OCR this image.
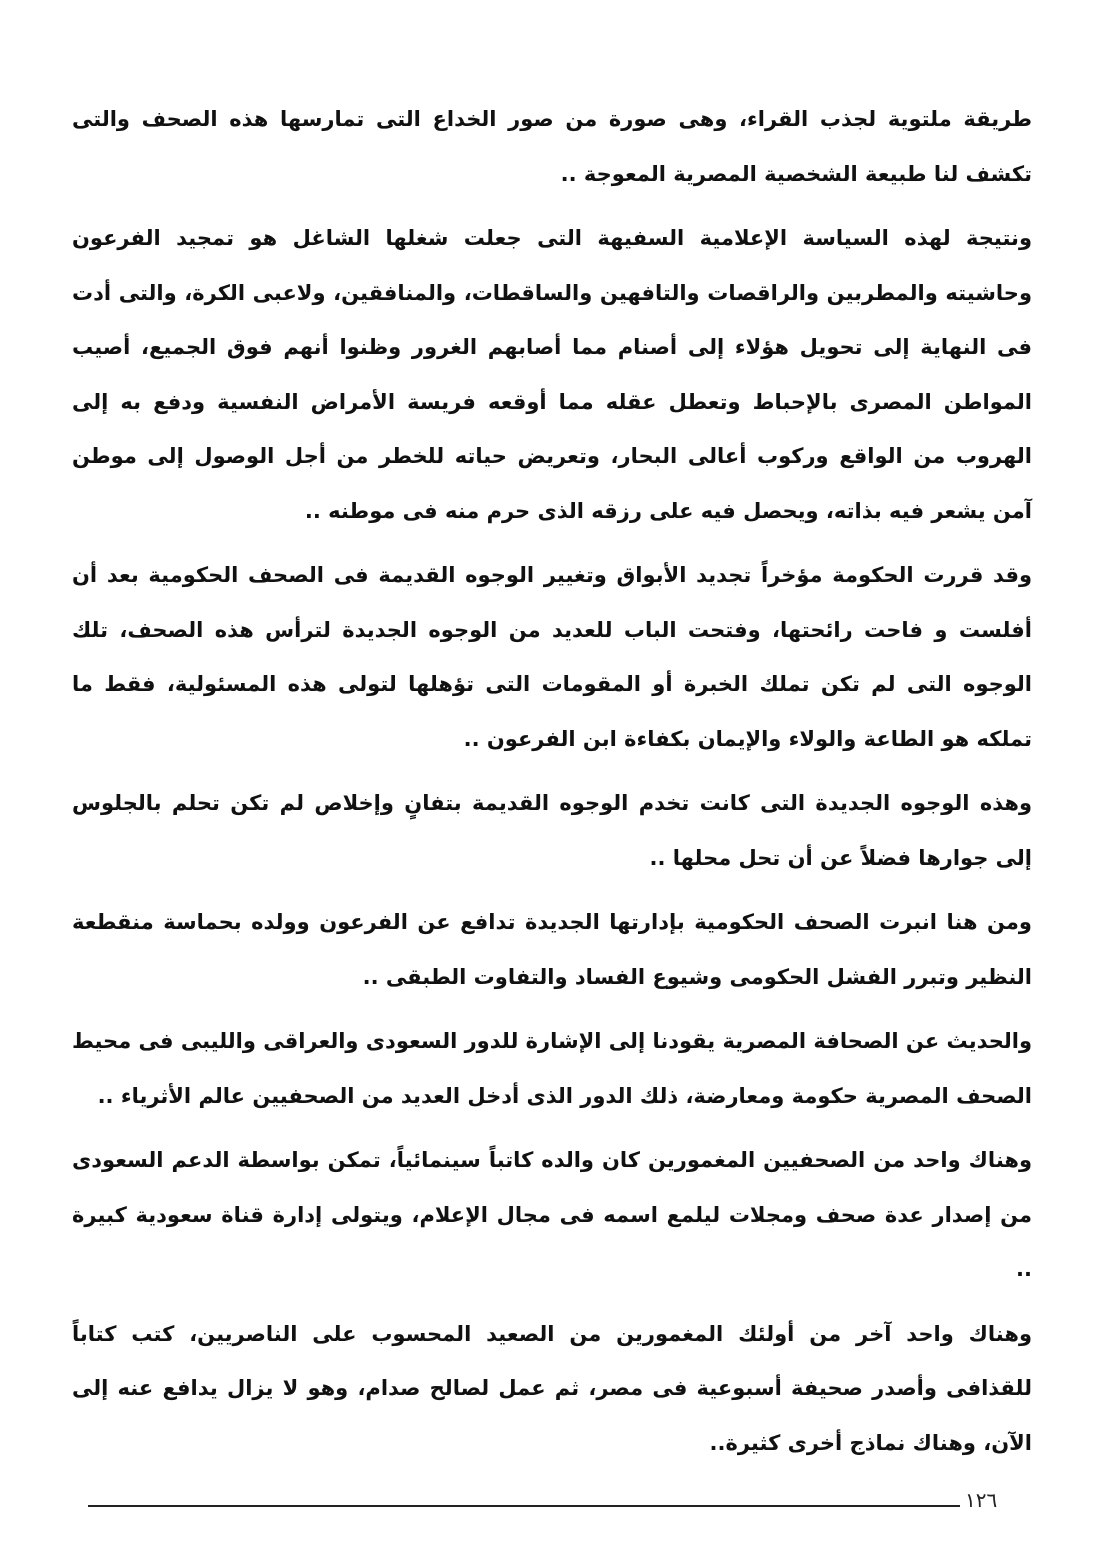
طريقة ملتوية لجذب القراء، وهى صورة من صور الخداع التى تمارسها هذه الصحف والتى تكشف لنا طبيعة الشخصية المصرية المعوجة ..

ونتيجة لهذه السياسة الإعلامية السفيهة التى جعلت شغلها الشاغل هو تمجيد الفرعون وحاشيته والمطربين والراقصات والتافهين والساقطات، والمنافقين، ولاعبى الكرة، والتى أدت فى النهاية إلى تحويل هؤلاء إلى أصنام مما أصابهم الغرور وظنوا أنهم فوق الجميع، أصيب المواطن المصرى بالإحباط وتعطل عقله مما أوقعه فريسة الأمراض النفسية ودفع به إلى الهروب من الواقع وركوب أعالى البحار، وتعريض حياته للخطر من أجل الوصول إلى موطن آمن يشعر فيه بذاته، ويحصل فيه على رزقه الذى حرم منه فى موطنه ..

وقد قررت الحكومة مؤخراً تجديد الأبواق وتغيير الوجوه القديمة فى الصحف الحكومية بعد أن أفلست و فاحت رائحتها، وفتحت الباب للعديد من الوجوه الجديدة لترأس هذه الصحف، تلك الوجوه التى لم تكن تملك الخبرة أو المقومات التى تؤهلها لتولى هذه المسئولية، فقط ما تملكه هو الطاعة والولاء والإيمان بكفاءة ابن الفرعون ..

وهذه الوجوه الجديدة التى كانت تخدم الوجوه القديمة بتفانٍ وإخلاص لم تكن تحلم بالجلوس إلى جوارها فضلاً عن أن تحل محلها ..

ومن هنا انبرت الصحف الحكومية بإدارتها الجديدة تدافع عن الفرعون وولده بحماسة منقطعة النظير وتبرر الفشل الحكومى وشيوع الفساد والتفاوت الطبقى ..

والحديث عن الصحافة المصرية يقودنا إلى الإشارة للدور السعودى والعراقى والليبى فى محيط الصحف المصرية حكومة ومعارضة، ذلك الدور الذى أدخل العديد من الصحفيين عالم الأثرياء ..

وهناك واحد من الصحفيين المغمورين كان والده كاتباً سينمائياً، تمكن بواسطة الدعم السعودى من إصدار عدة صحف ومجلات ليلمع اسمه فى مجال الإعلام، ويتولى إدارة قناة سعودية كبيرة ..

وهناك واحد آخر من أولئك المغمورين من الصعيد المحسوب على الناصريين، كتب كتاباً للقذافى وأصدر صحيفة أسبوعية فى مصر، ثم عمل لصالح صدام، وهو لا يزال يدافع عنه إلى الآن، وهناك نماذج أخرى كثيرة..

١٢٦
